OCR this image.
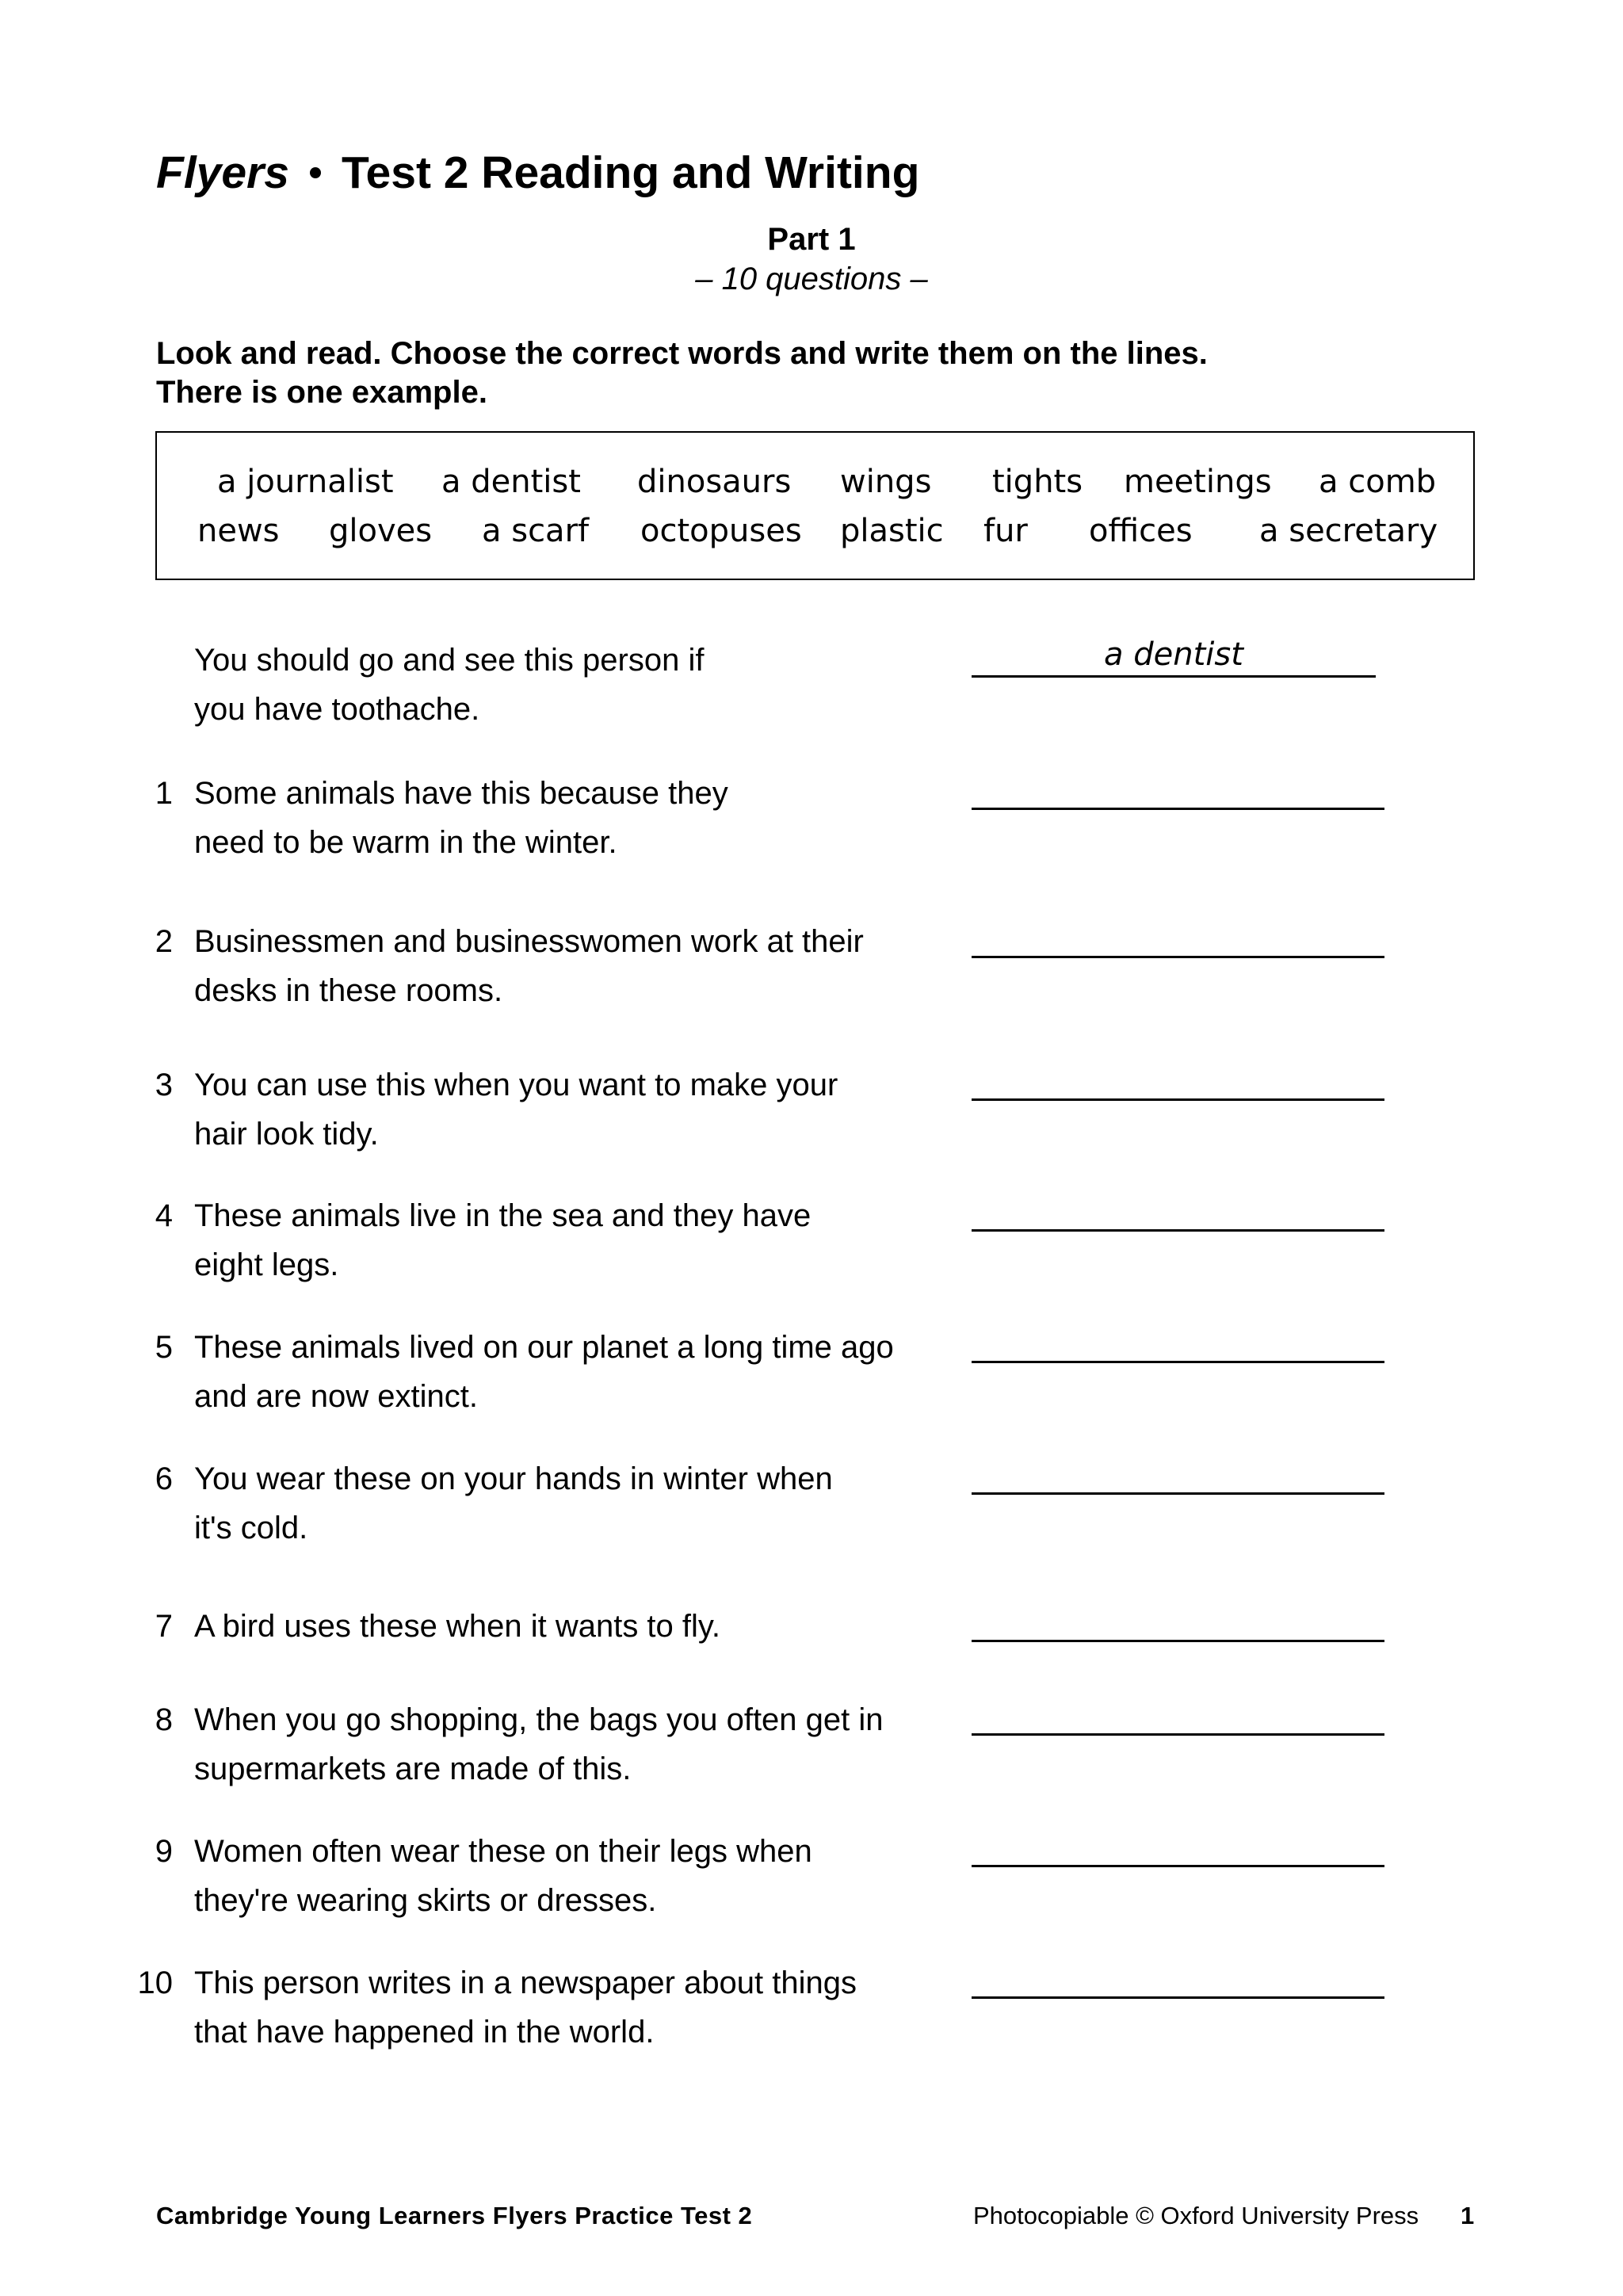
Flyers Test 2 Reading and Writing
Part 1
– 10 questions –
Look and read. Choose the correct words and write them on the lines.
There is one example.
a journalist a dentist dinosaurs wings tights meetings a comb
news gloves a scarf octopuses plastic fur offices a secretary
You should go and see this person if
you have toothache.
a dentist
1 Some animals have this because they
need to be warm in the winter.
2 Businessmen and businesswomen work at their
desks in these rooms.
3 You can use this when you want to make your
hair look tidy.
4 These animals live in the sea and they have
eight legs.
5 These animals lived on our planet a long time ago
and are now extinct.
6 You wear these on your hands in winter when
it's cold.
7 A bird uses these when it wants to fly.
8 When you go shopping, the bags you often get in
supermarkets are made of this.
9 Women often wear these on their legs when
they're wearing skirts or dresses.
10 This person writes in a newspaper about things
that have happened in the world.
Cambridge Young Learners Flyers Practice Test 2	Photocopiable © Oxford University Press 1
